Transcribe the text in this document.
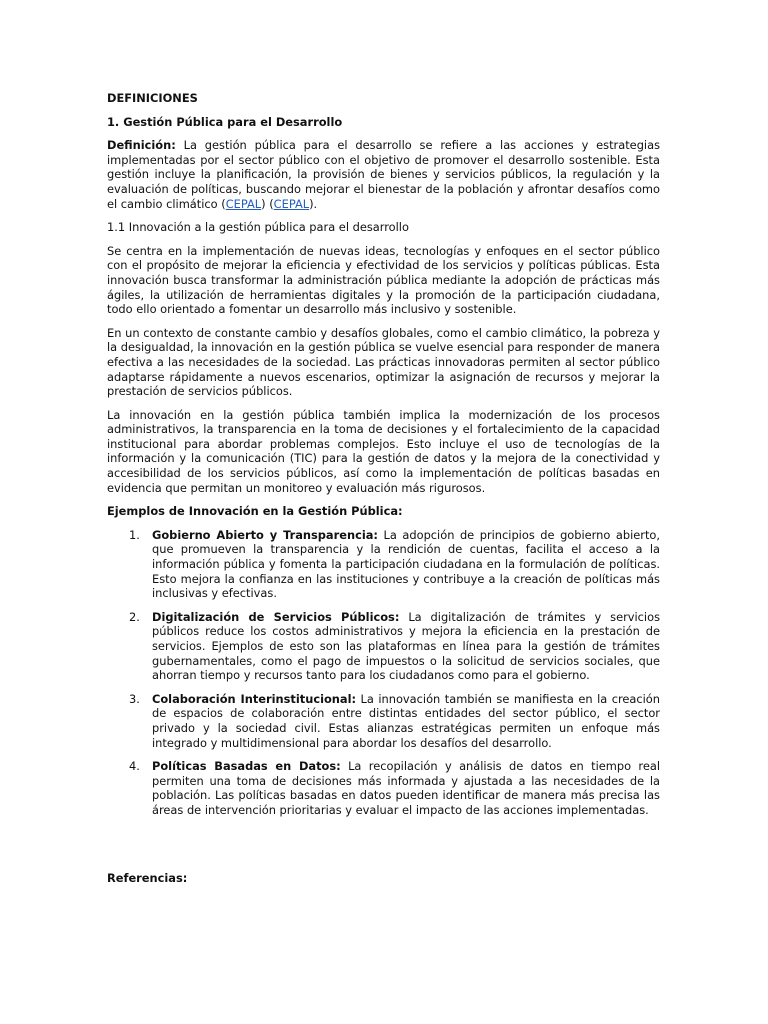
DEFINICIONES

1. Gestión Pública para el Desarrollo

Definición: La gestión pública para el desarrollo se refiere a las acciones y estrategias implementadas por el sector público con el objetivo de promover el desarrollo sostenible. Esta gestión incluye la planificación, la provisión de bienes y servicios públicos, la regulación y la evaluación de políticas, buscando mejorar el bienestar de la población y afrontar desafíos como el cambio climático (CEPAL) (CEPAL).

1.1 Innovación a la gestión pública para el desarrollo

Se centra en la implementación de nuevas ideas, tecnologías y enfoques en el sector público con el propósito de mejorar la eficiencia y efectividad de los servicios y políticas públicas. Esta innovación busca transformar la administración pública mediante la adopción de prácticas más ágiles, la utilización de herramientas digitales y la promoción de la participación ciudadana, todo ello orientado a fomentar un desarrollo más inclusivo y sostenible.

En un contexto de constante cambio y desafíos globales, como el cambio climático, la pobreza y la desigualdad, la innovación en la gestión pública se vuelve esencial para responder de manera efectiva a las necesidades de la sociedad. Las prácticas innovadoras permiten al sector público adaptarse rápidamente a nuevos escenarios, optimizar la asignación de recursos y mejorar la prestación de servicios públicos.

La innovación en la gestión pública también implica la modernización de los procesos administrativos, la transparencia en la toma de decisiones y el fortalecimiento de la capacidad institucional para abordar problemas complejos. Esto incluye el uso de tecnologías de la información y la comunicación (TIC) para la gestión de datos y la mejora de la conectividad y accesibilidad de los servicios públicos, así como la implementación de políticas basadas en evidencia que permitan un monitoreo y evaluación más rigurosos.

Ejemplos de Innovación en la Gestión Pública:

1. Gobierno Abierto y Transparencia: La adopción de principios de gobierno abierto, que promueven la transparencia y la rendición de cuentas, facilita el acceso a la información pública y fomenta la participación ciudadana en la formulación de políticas. Esto mejora la confianza en las instituciones y contribuye a la creación de políticas más inclusivas y efectivas.
2. Digitalización de Servicios Públicos: La digitalización de trámites y servicios públicos reduce los costos administrativos y mejora la eficiencia en la prestación de servicios. Ejemplos de esto son las plataformas en línea para la gestión de trámites gubernamentales, como el pago de impuestos o la solicitud de servicios sociales, que ahorran tiempo y recursos tanto para los ciudadanos como para el gobierno.
3. Colaboración Interinstitucional: La innovación también se manifiesta en la creación de espacios de colaboración entre distintas entidades del sector público, el sector privado y la sociedad civil. Estas alianzas estratégicas permiten un enfoque más integrado y multidimensional para abordar los desafíos del desarrollo.
4. Políticas Basadas en Datos: La recopilación y análisis de datos en tiempo real permiten una toma de decisiones más informada y ajustada a las necesidades de la población. Las políticas basadas en datos pueden identificar de manera más precisa las áreas de intervención prioritarias y evaluar el impacto de las acciones implementadas.

Referencias:
